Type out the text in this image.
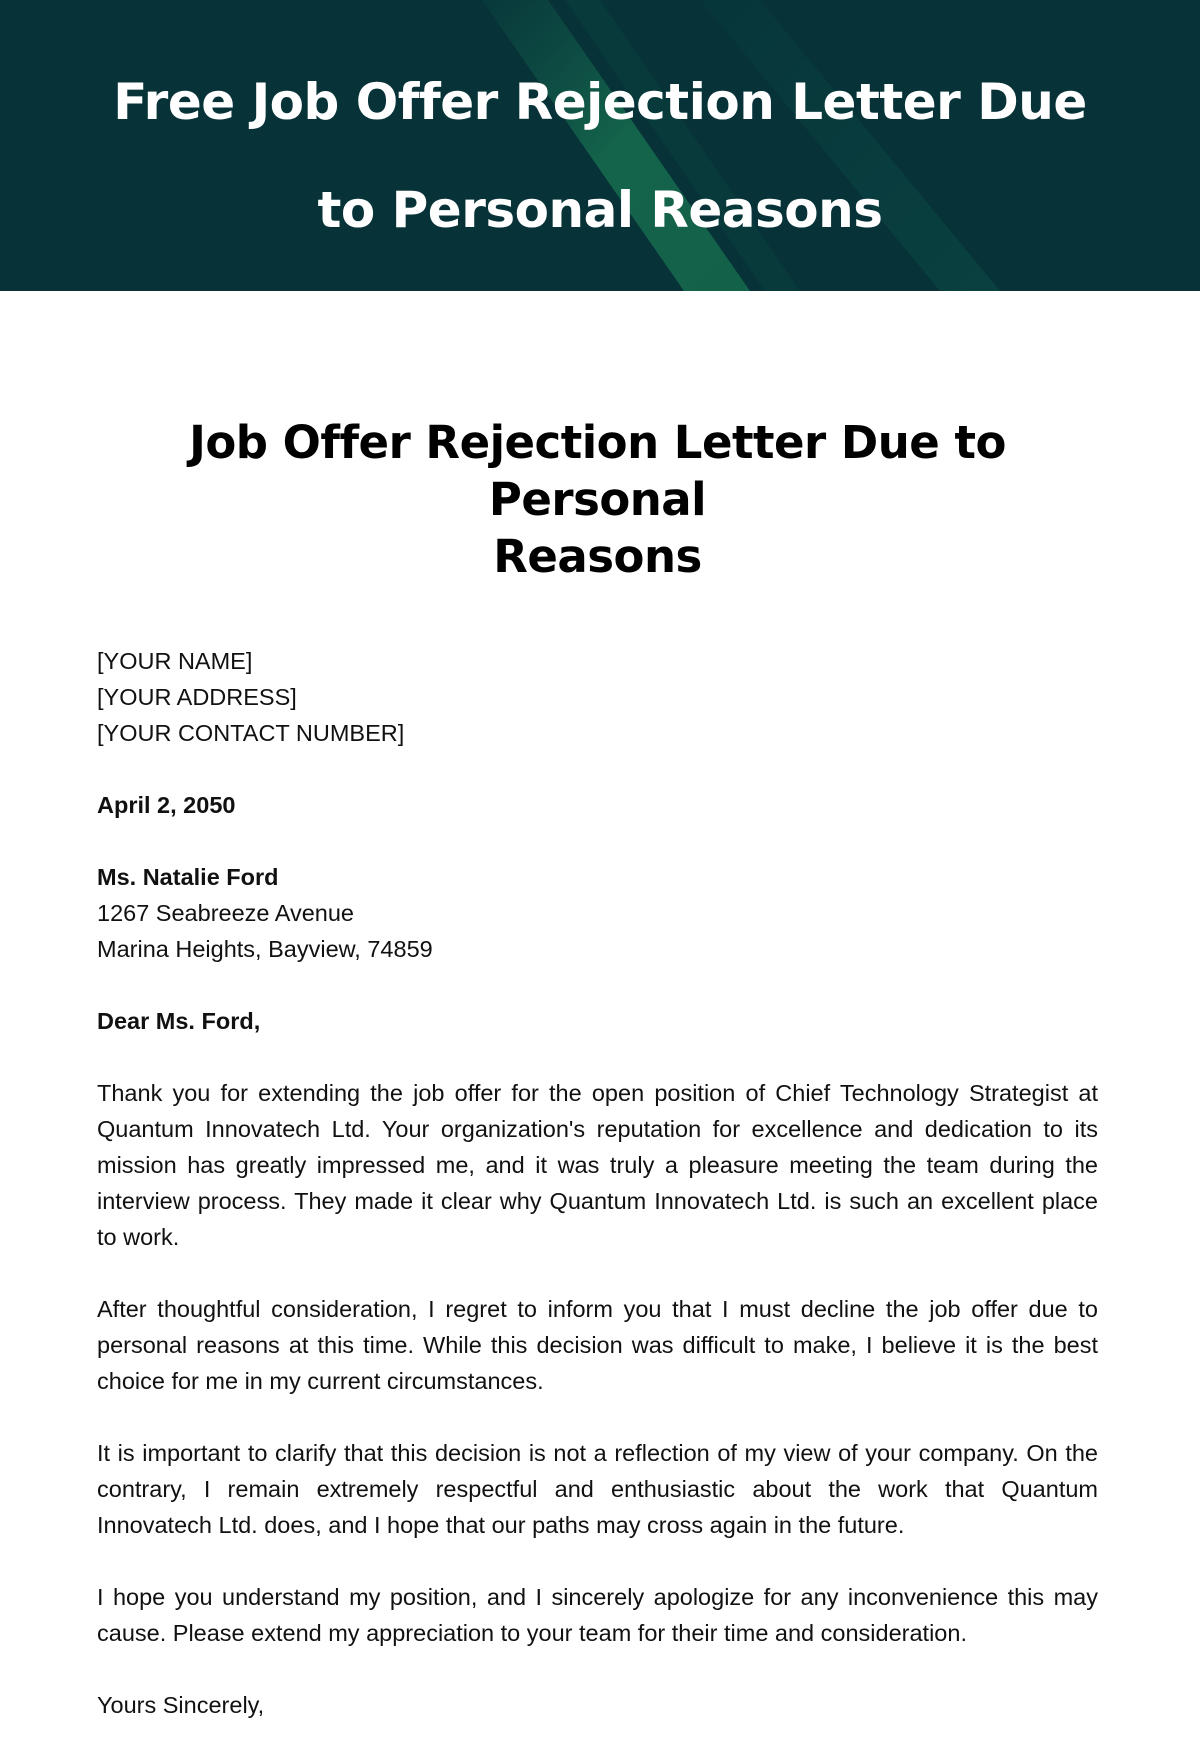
Free Job Offer Rejection Letter Due
to Personal Reasons
Job Offer Rejection Letter Due to Personal
Reasons
[YOUR NAME]
[YOUR ADDRESS]
[YOUR CONTACT NUMBER]
April 2, 2050
Ms. Natalie Ford
1267 Seabreeze Avenue
Marina Heights, Bayview, 74859
Dear Ms. Ford,

Thank you for extending the job offer for the open position of Chief Technology Strategist at Quantum Innovatech Ltd. Your organization's reputation for excellence and dedication to its mission has greatly impressed me, and it was truly a pleasure meeting the team during the interview process. They made it clear why Quantum Innovatech Ltd. is such an excellent place to work.

After thoughtful consideration, I regret to inform you that I must decline the job offer due to personal reasons at this time. While this decision was difficult to make, I believe it is the best choice for me in my current circumstances.

It is important to clarify that this decision is not a reflection of my view of your company. On the contrary, I remain extremely respectful and enthusiastic about the work that Quantum Innovatech Ltd. does, and I hope that our paths may cross again in the future.

I hope you understand my position, and I sincerely apologize for any inconvenience this may cause. Please extend my appreciation to your team for their time and consideration.

Yours Sincerely,
